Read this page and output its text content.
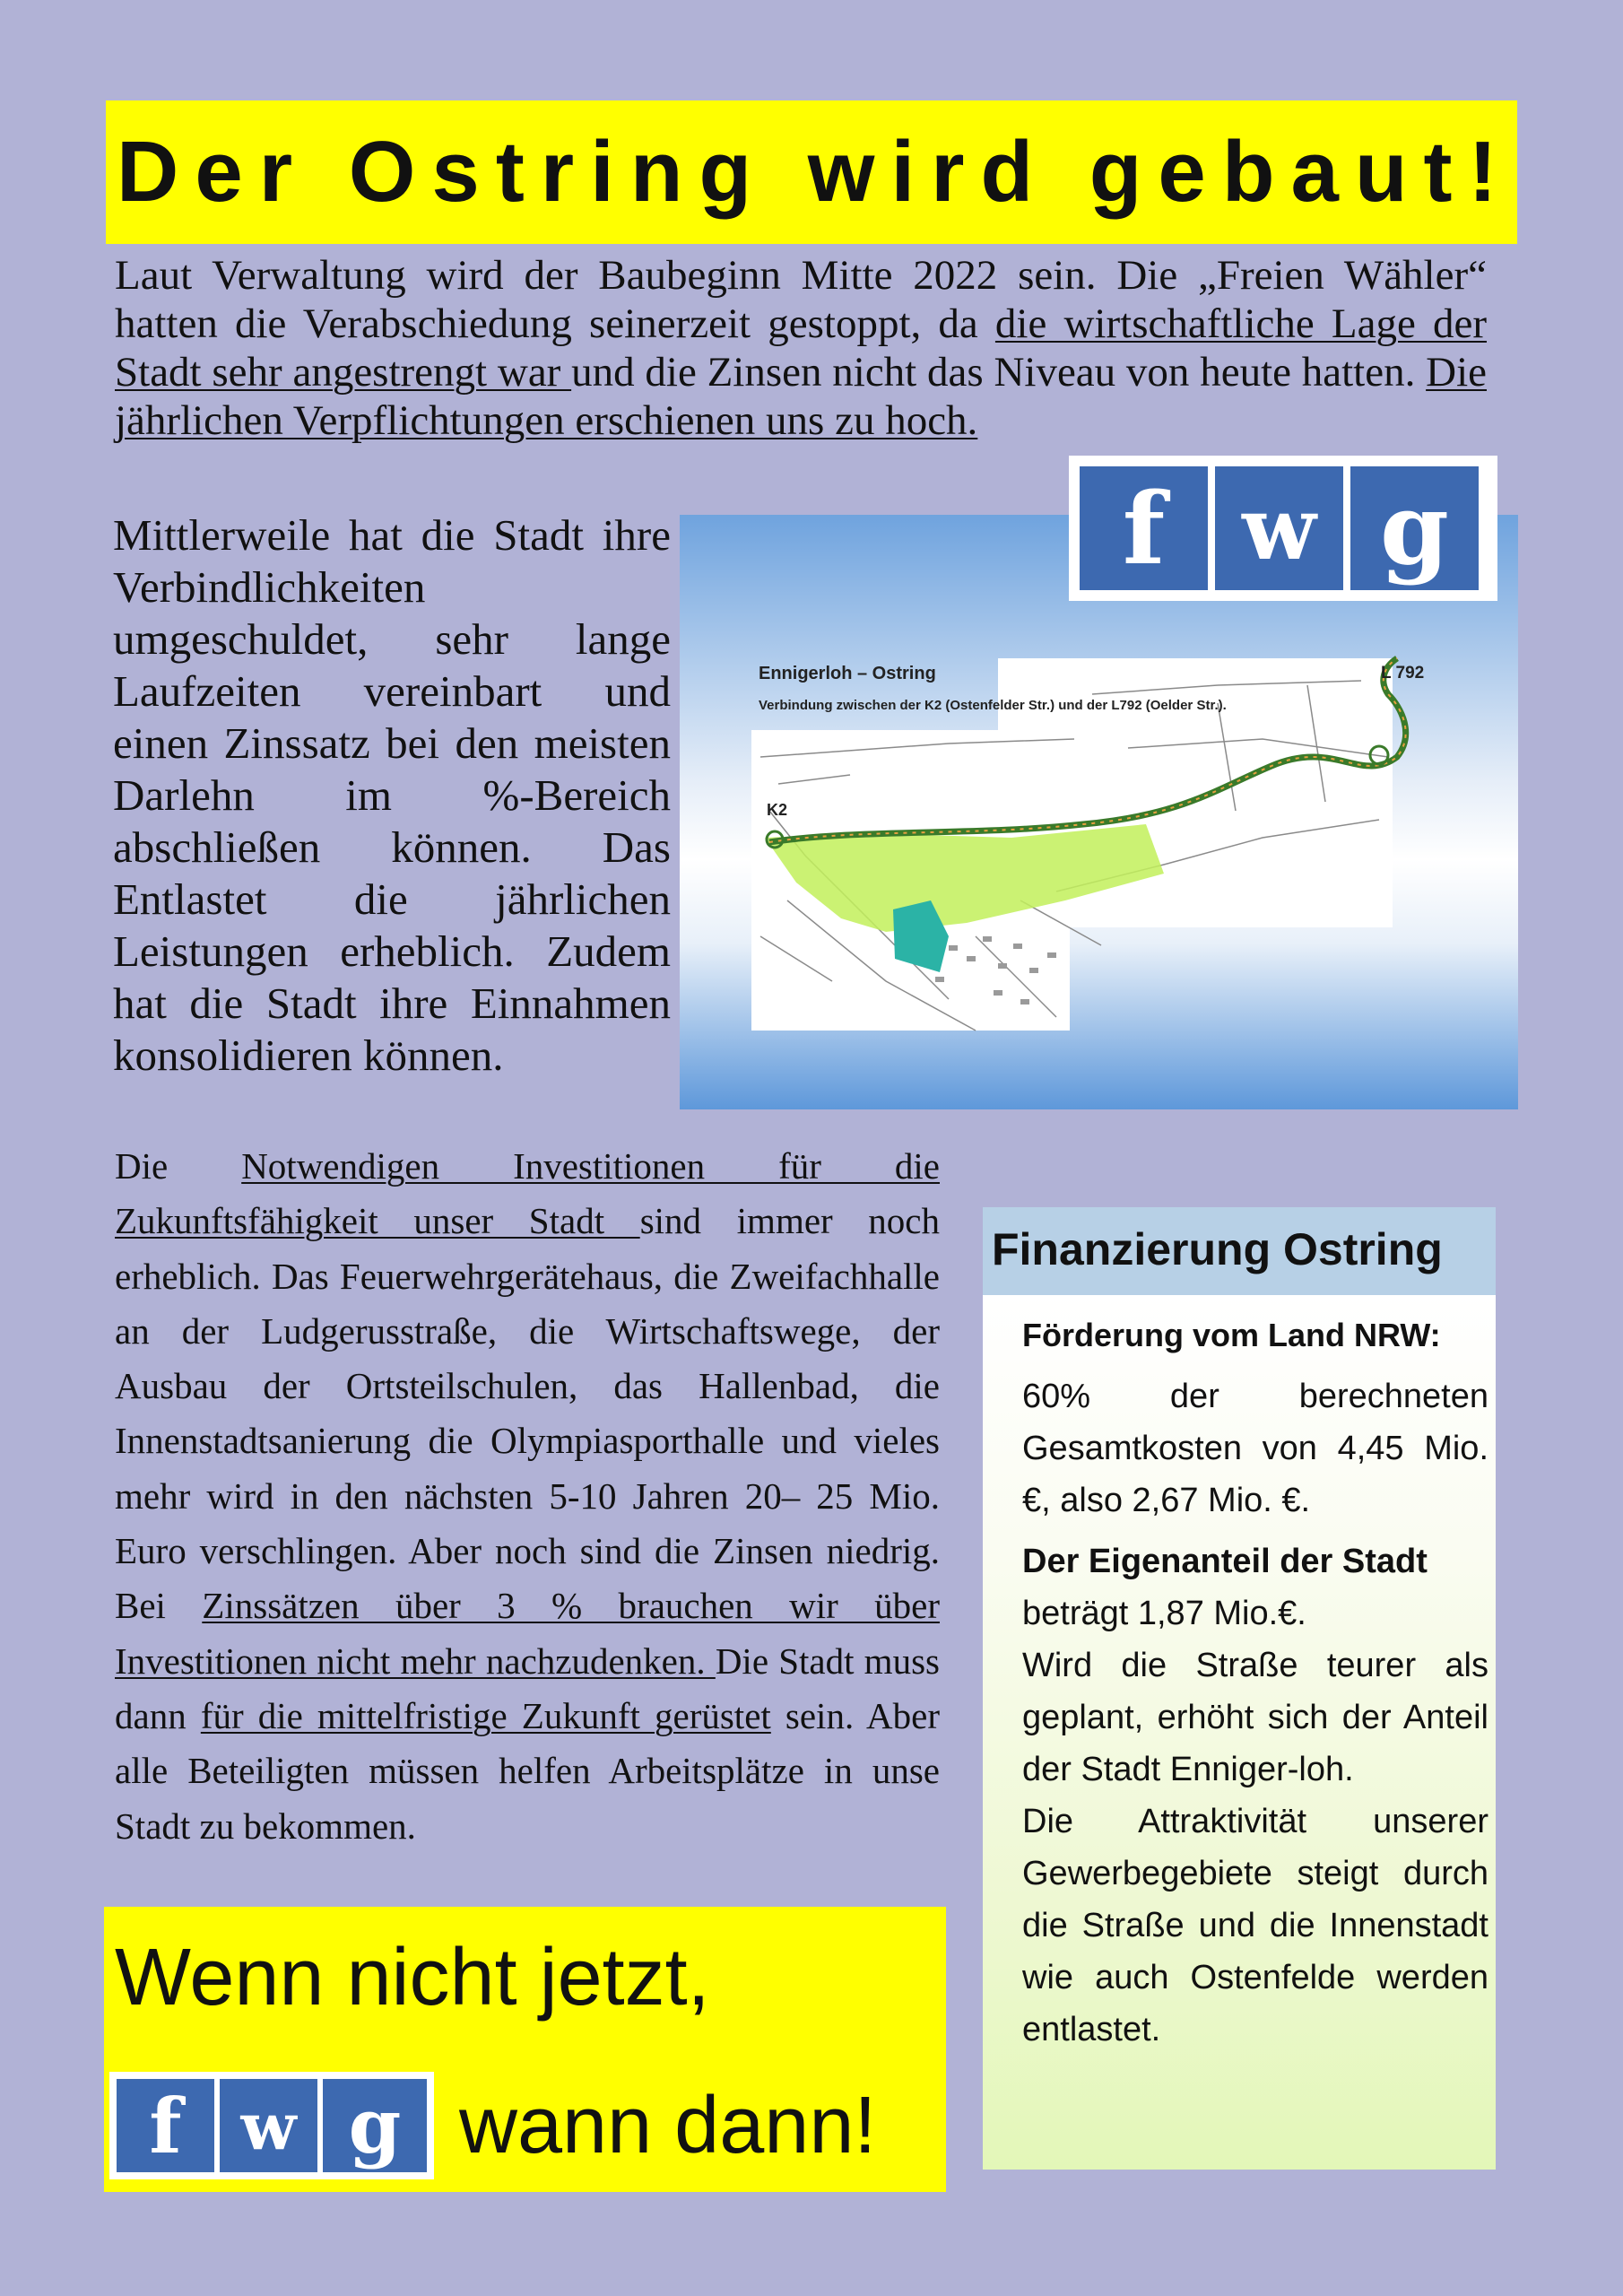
Der Ostring wird gebaut!
Laut Verwaltung wird der Baubeginn Mitte 2022 sein. Die „Freien Wähler“ hatten die Verabschiedung seinerzeit gestoppt, da die wirtschaftliche Lage der Stadt sehr angestrengt war und die Zinsen nicht das Niveau von heute hatten. Die jährlichen Verpflichtungen erschienen uns zu hoch.
Mittlerweile hat die Stadt ihre Verbindlichkeiten umgeschuldet, sehr lange Laufzeiten vereinbart und einen Zinssatz bei den meisten Darlehn im %-Bereich abschließen können. Das Entlastet die jährlichen Leistungen erheblich. Zudem hat die Stadt ihre Einnahmen konsolidieren können.
Ennigerloh – Ostring
Verbindung zwischen der K2 (Ostenfelder Str.) und der L792 (Oelder Str.).
L 792
K2
f w g
Die Notwendigen Investitionen für die Zukunftsfähigkeit unser Stadt sind immer noch erheblich. Das Feuerwehrgerätehaus, die Zweifachhalle an der Ludgerusstraße, die Wirtschaftswege, der Ausbau der Ortsteilschulen, das Hallenbad, die Innenstadtsanierung die Olympiasporthalle und vieles mehr wird in den nächsten 5-10 Jahren 20– 25 Mio. Euro verschlingen. Aber noch sind die Zinsen niedrig. Bei Zinssätzen über 3 % brauchen wir über Investitionen nicht mehr nachzudenken. Die Stadt muss dann für die mittelfristige Zukunft gerüstet sein. Aber alle Beteiligten müssen helfen Arbeitsplätze in unse Stadt zu bekommen.
Wenn nicht jetzt,
f w g wann dann!
Finanzierung Ostring

Förderung vom Land NRW:

60% der berechneten Gesamtkosten von 4,45 Mio. €, also 2,67 Mio. €.

Der Eigenanteil der Stadt

beträgt 1,87 Mio.€.

Wird die Straße teurer als geplant, erhöht sich der Anteil der Stadt Enniger-loh.

Die Attraktivität unserer Gewerbegebiete steigt durch die Straße und die Innenstadt wie auch Ostenfelde werden entlastet.
